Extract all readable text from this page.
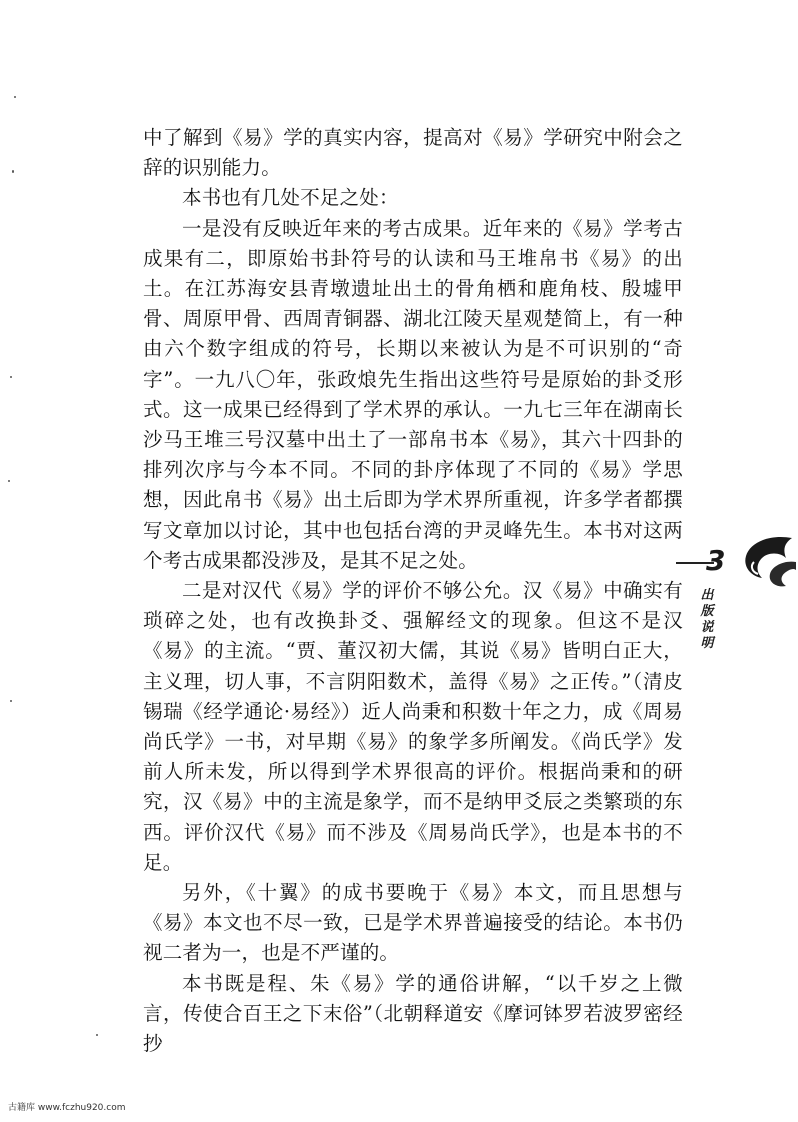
中了解到《易》学的真实内容，提高对《易》学研究中附会之辞的识别能力。

本书也有几处不足之处：

一是没有反映近年来的考古成果。近年来的《易》学考古成果有二，即原始书卦符号的认读和马王堆帛书《易》的出土。在江苏海安县青墩遗址出土的骨角栖和鹿角枝、殷墟甲骨、周原甲骨、西周青铜器、湖北江陵天星观楚简上，有一种由六个数字组成的符号，长期以来被认为是不可识别的“奇字”。一九八〇年，张政烺先生指出这些符号是原始的卦爻形式。这一成果已经得到了学术界的承认。一九七三年在湖南长沙马王堆三号汉墓中出土了一部帛书本《易》，其六十四卦的排列次序与今本不同。不同的卦序体现了不同的《易》学思想，因此帛书《易》出土后即为学术界所重视，许多学者都撰写文章加以讨论，其中也包括台湾的尹灵峰先生。本书对这两个考古成果都没涉及，是其不足之处。

二是对汉代《易》学的评价不够公允。汉《易》中确实有琐碎之处，也有改换卦爻、强解经文的现象。但这不是汉《易》的主流。“贾、董汉初大儒，其说《易》皆明白正大，主义理，切人事，不言阴阳数术，盖得《易》之正传。”（清皮锡瑞《经学通论·易经》）近人尚秉和积数十年之力，成《周易尚氏学》一书，对早期《易》的象学多所阐发。《尚氏学》发前人所未发，所以得到学术界很高的评价。根据尚秉和的研究，汉《易》中的主流是象学，而不是纳甲爻辰之类繁琐的东西。评价汉代《易》而不涉及《周易尚氏学》，也是本书的不足。

另外，《十翼》的成书要晚于《易》本文，而且思想与《易》本文也不尽一致，已是学术界普遍接受的结论。本书仍视二者为一，也是不严谨的。

本书既是程、朱《易》学的通俗讲解，“以千岁之上微言，传使合百王之下末俗”（北朝释道安《摩诃钵罗若波罗密经抄

3
出版说明
古籍库 www.fczhu920.com
